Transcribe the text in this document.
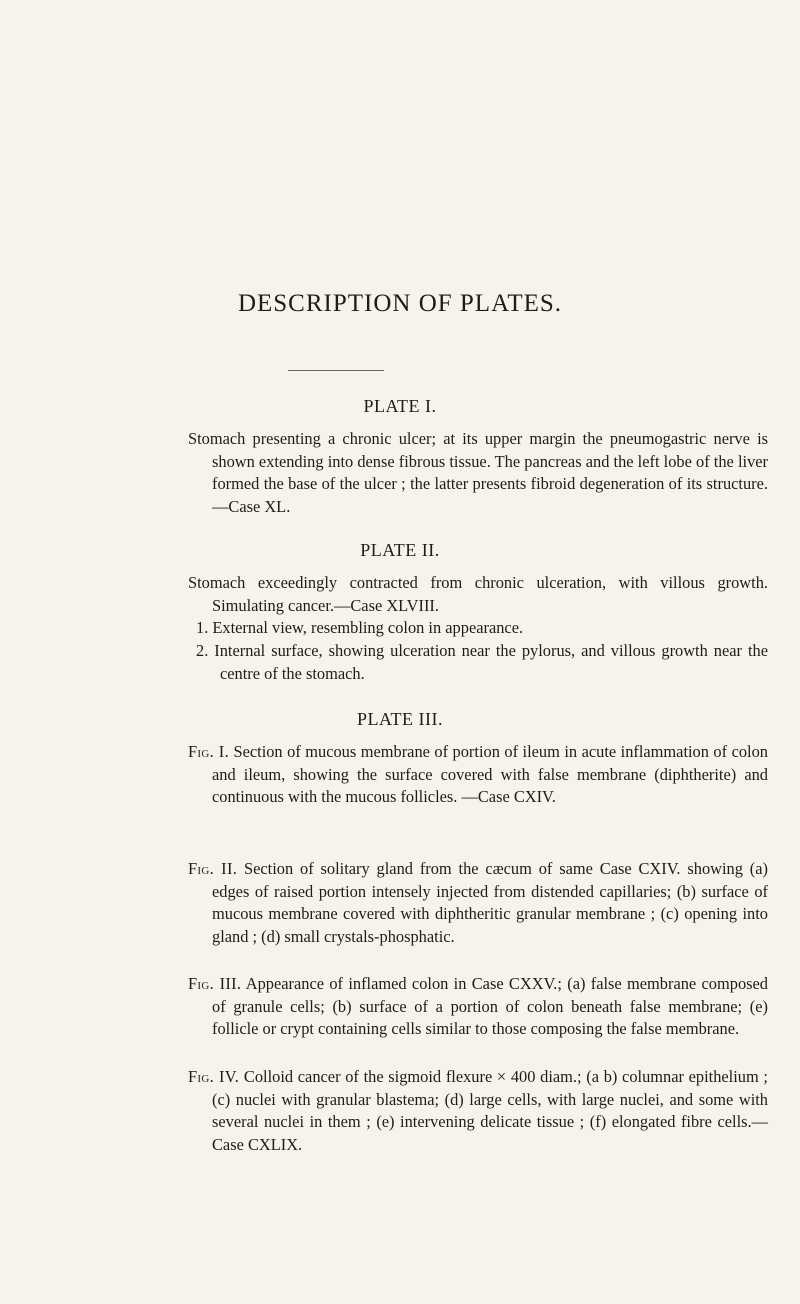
DESCRIPTION OF PLATES.
PLATE I.

Stomach presenting a chronic ulcer; at its upper margin the pneumogastric nerve is shown extending into dense fibrous tissue. The pancreas and the left lobe of the liver formed the base of the ulcer ; the latter presents fibroid degeneration of its structure.—Case XL.

PLATE II.

Stomach exceedingly contracted from chronic ulceration, with villous growth. Simulating cancer.—Case XLVIII.

1. External view, resembling colon in appearance.

2. Internal surface, showing ulceration near the pylorus, and villous growth near the centre of the stomach.

PLATE III.

Fig. I. Section of mucous membrane of portion of ileum in acute inflammation of colon and ileum, showing the surface covered with false membrane (diphtherite) and continuous with the mucous follicles. —Case CXIV.

Fig. II. Section of solitary gland from the cæcum of same Case CXIV. showing (a) edges of raised portion intensely injected from distended capillaries; (b) surface of mucous membrane covered with diphtheritic granular membrane ; (c) opening into gland ; (d) small crystals-phosphatic.

Fig. III. Appearance of inflamed colon in Case CXXV.; (a) false membrane composed of granule cells; (b) surface of a portion of colon beneath false membrane; (e) follicle or crypt containing cells similar to those composing the false membrane.

Fig. IV. Colloid cancer of the sigmoid flexure × 400 diam.; (a b) columnar epithelium ; (c) nuclei with granular blastema; (d) large cells, with large nuclei, and some with several nuclei in them ; (e) intervening delicate tissue ; (f) elongated fibre cells.—Case CXLIX.
